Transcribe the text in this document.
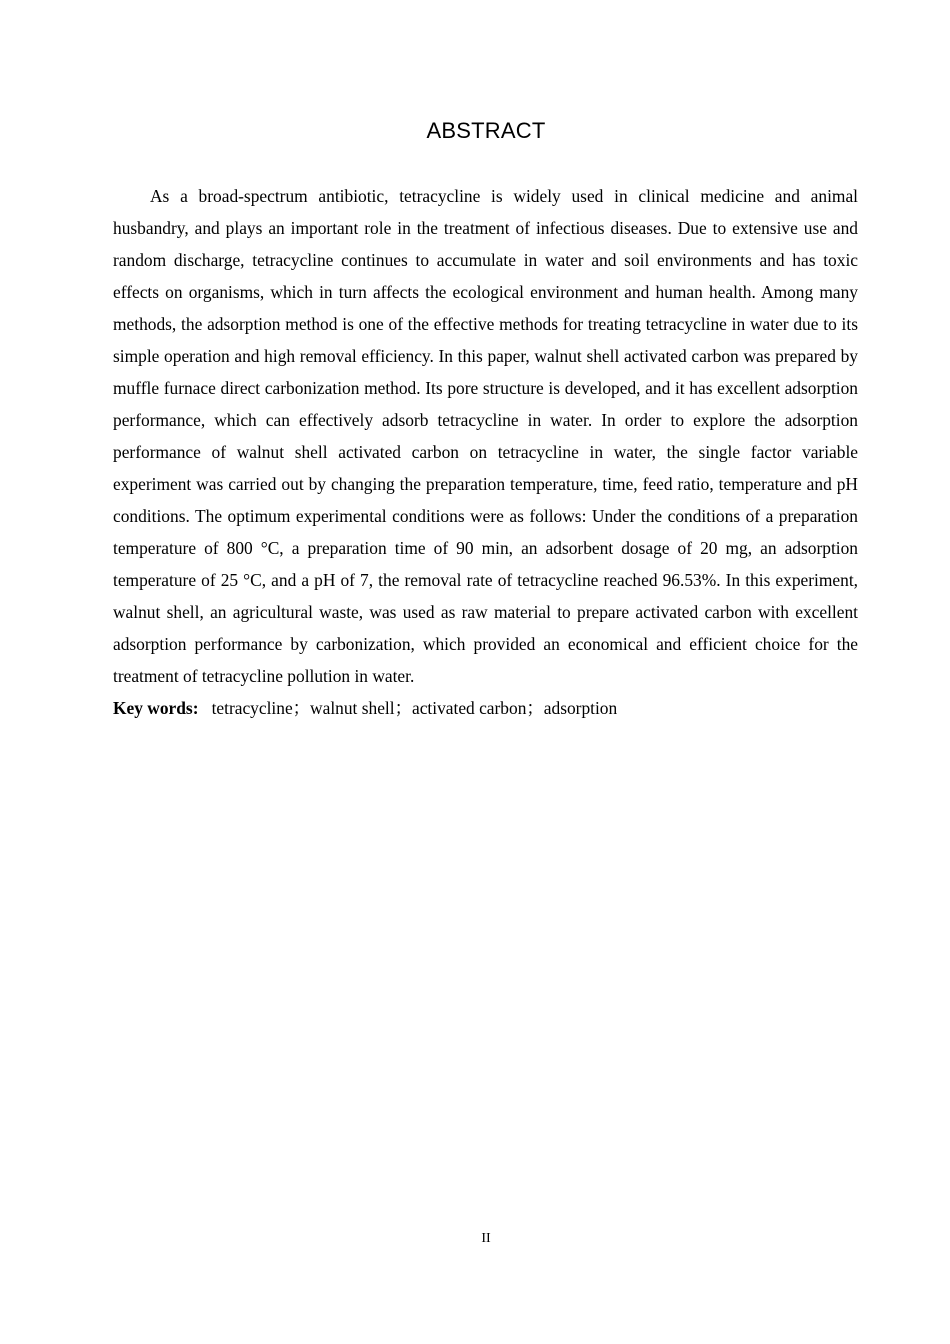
ABSTRACT

As a broad-spectrum antibiotic, tetracycline is widely used in clinical medicine and animal husbandry, and plays an important role in the treatment of infectious diseases. Due to extensive use and random discharge, tetracycline continues to accumulate in water and soil environments and has toxic effects on organisms, which in turn affects the ecological environment and human health. Among many methods, the adsorption method is one of the effective methods for treating tetracycline in water due to its simple operation and high removal efficiency. In this paper, walnut shell activated carbon was prepared by muffle furnace direct carbonization method. Its pore structure is developed, and it has excellent adsorption performance, which can effectively adsorb tetracycline in water. In order to explore the adsorption performance of walnut shell activated carbon on tetracycline in water, the single factor variable experiment was carried out by changing the preparation temperature, time, feed ratio, temperature and pH conditions. The optimum experimental conditions were as follows: Under the conditions of a preparation temperature of 800 °C, a preparation time of 90 min, an adsorbent dosage of 20 mg, an adsorption temperature of 25 °C, and a pH of 7, the removal rate of tetracycline reached 96.53%. In this experiment, walnut shell, an agricultural waste, was used as raw material to prepare activated carbon with excellent adsorption performance by carbonization, which provided an economical and efficient choice for the treatment of tetracycline pollution in water.

Key words: tetracycline；walnut shell；activated carbon；adsorption

II
